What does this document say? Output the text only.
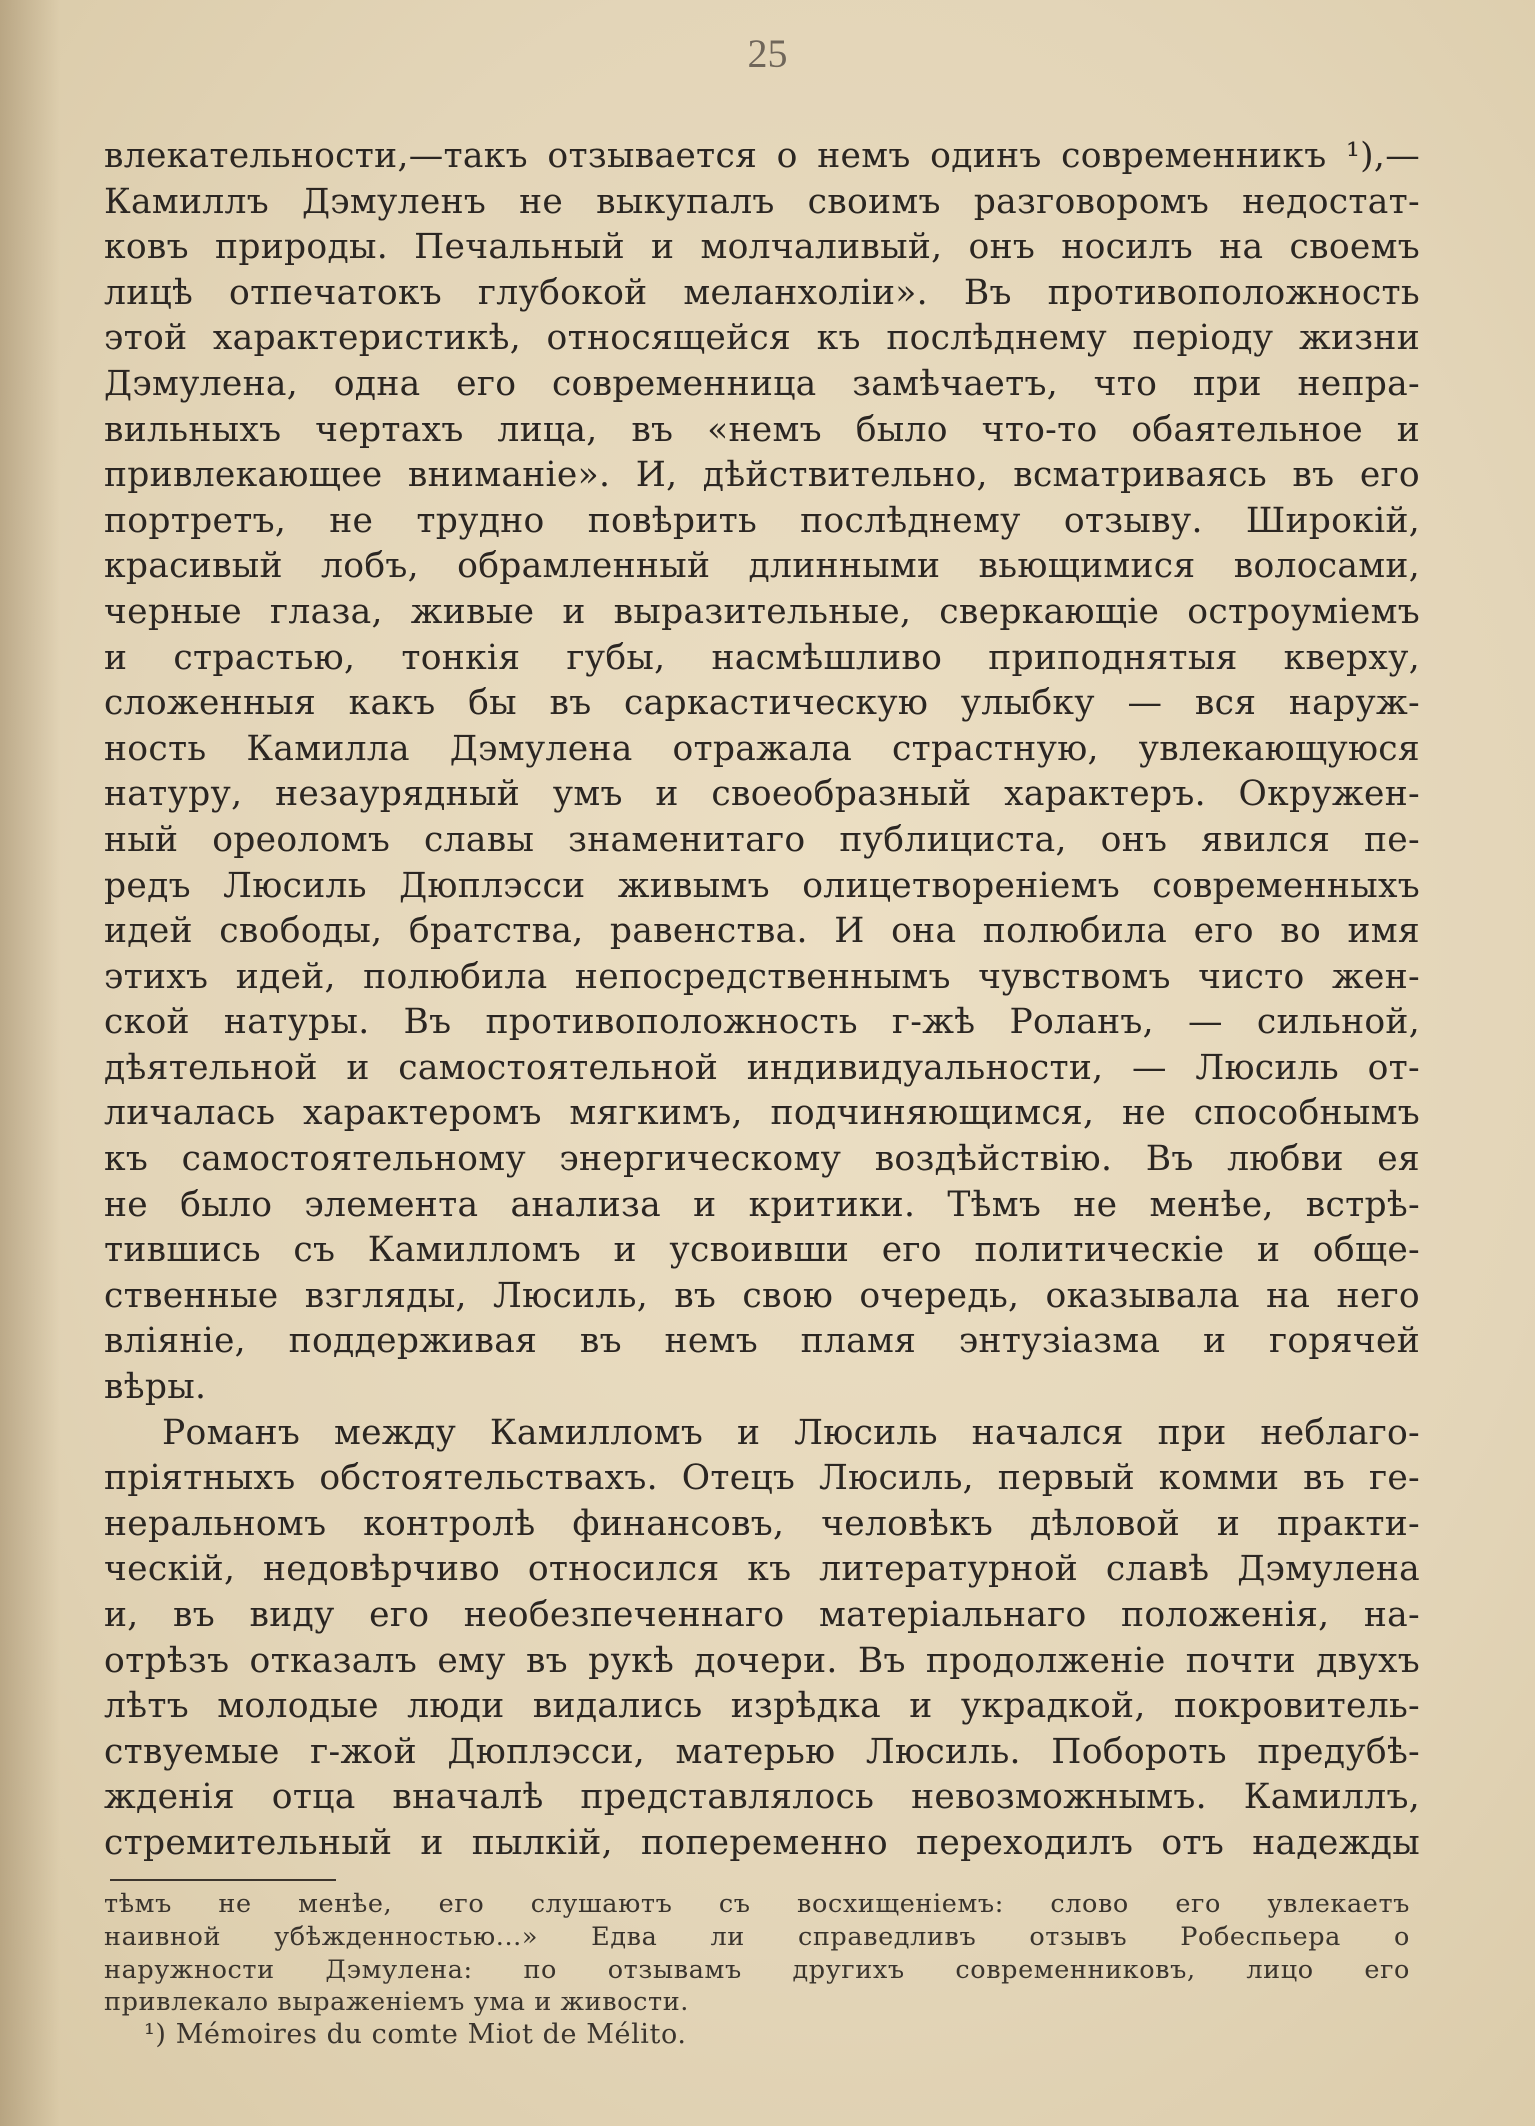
25
влекательности,—такъ отзывается о немъ одинъ современникъ ¹),—
Камиллъ Дэмуленъ не выкупалъ своимъ разговоромъ недостат-
ковъ природы. Печальный и молчаливый, онъ носилъ на своемъ
лицѣ отпечатокъ глубокой меланхоліи». Въ противоположность
этой характеристикѣ, относящейся къ послѣднему періоду жизни
Дэмулена, одна его современница замѣчаетъ, что при непра-
вильныхъ чертахъ лица, въ «немъ было что-то обаятельное и
привлекающее вниманіе». И, дѣйствительно, всматриваясь въ его
портретъ, не трудно повѣрить послѣднему отзыву. Широкій,
красивый лобъ, обрамленный длинными вьющимися волосами,
черные глаза, живые и выразительные, сверкающіе остроуміемъ
и страстью, тонкія губы, насмѣшливо приподнятыя кверху,
сложенныя какъ бы въ саркастическую улыбку — вся наруж-
ность Камилла Дэмулена отражала страстную, увлекающуюся
натуру, незаурядный умъ и своеобразный характеръ. Окружен-
ный ореоломъ славы знаменитаго публициста, онъ явился пе-
редъ Люсиль Дюплэсси живымъ олицетвореніемъ современныхъ
идей свободы, братства, равенства. И она полюбила его во имя
этихъ идей, полюбила непосредственнымъ чувствомъ чисто жен-
ской натуры. Въ противоположность г-жѣ Роланъ, — сильной,
дѣятельной и самостоятельной индивидуальности, — Люсиль от-
личалась характеромъ мягкимъ, подчиняющимся, не способнымъ
къ самостоятельному энергическому воздѣйствію. Въ любви ея
не было элемента анализа и критики. Тѣмъ не менѣе, встрѣ-
тившись съ Камилломъ и усвоивши его политическіе и обще-
ственные взгляды, Люсиль, въ свою очередь, оказывала на него
вліяніе, поддерживая въ немъ пламя энтузіазма и горячей
вѣры.
Романъ между Камилломъ и Люсиль начался при неблаго-
пріятныхъ обстоятельствахъ. Отецъ Люсиль, первый комми въ ге-
неральномъ контролѣ финансовъ, человѣкъ дѣловой и практи-
ческій, недовѣрчиво относился къ литературной славѣ Дэмулена
и, въ виду его необезпеченнаго матеріальнаго положенія, на-
отрѣзъ отказалъ ему въ рукѣ дочери. Въ продолженіе почти двухъ
лѣтъ молодые люди видались изрѣдка и украдкой, покровитель-
ствуемые г-жой Дюплэсси, матерью Люсиль. Побороть предубѣ-
жденія отца вначалѣ представлялось невозможнымъ. Камиллъ,
стремительный и пылкій, попеременно переходилъ отъ надежды
тѣмъ не менѣе, его слушаютъ съ восхищеніемъ: слово его увлекаетъ
наивной убѣжденностью...» Едва ли справедливъ отзывъ Робеспьера о
наружности Дэмулена: по отзывамъ другихъ современниковъ, лицо его
привлекало выраженіемъ ума и живости.
¹) Mémoires du comte Miot de Mélito.
